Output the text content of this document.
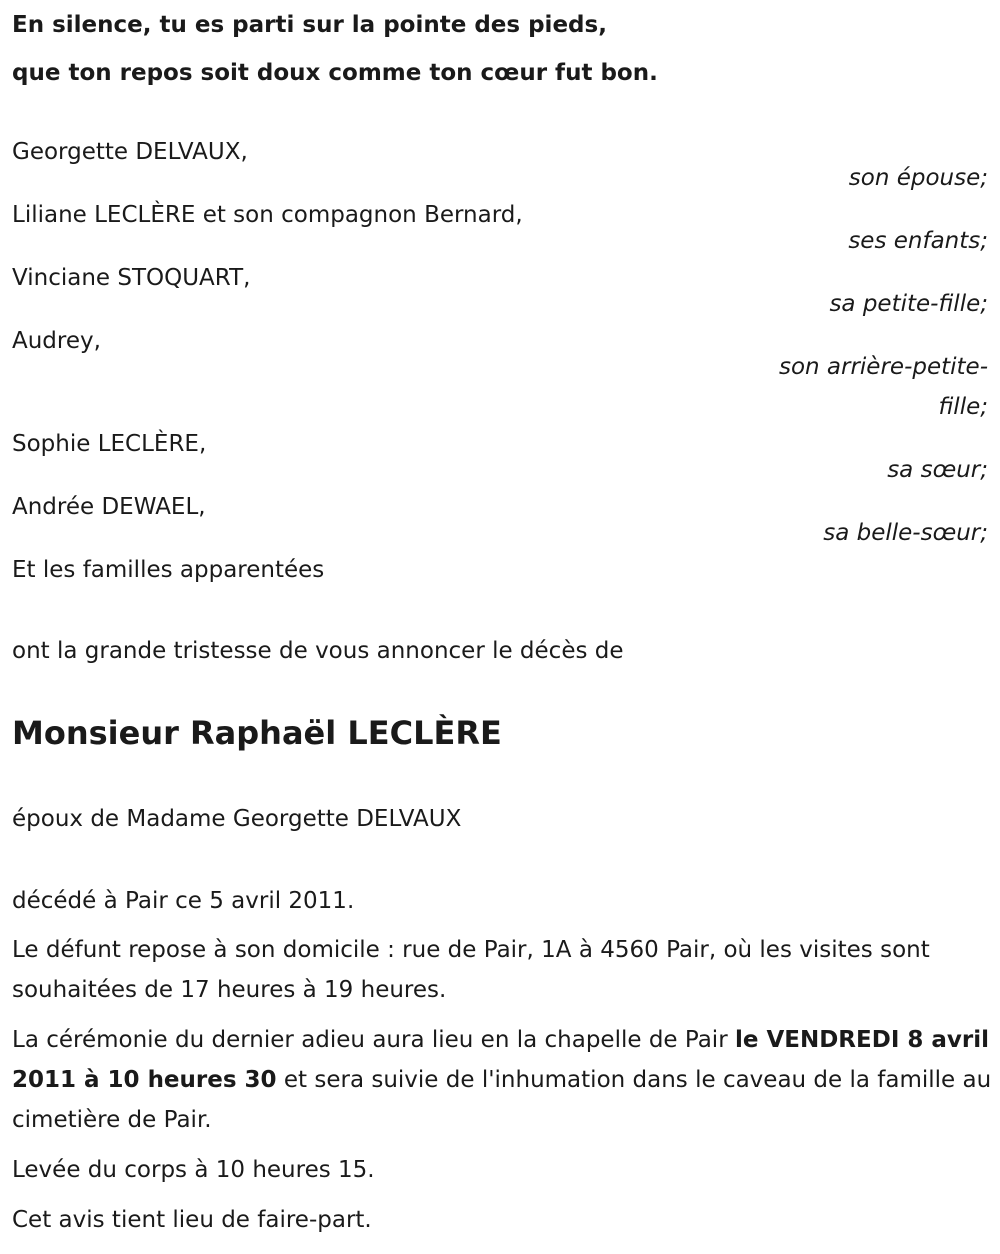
En silence, tu es parti sur la pointe des pieds,
que ton repos soit doux comme ton cœur fut bon.
Georgette DELVAUX,
son épouse;
Liliane LECLÈRE et son compagnon Bernard,
ses enfants;
Vinciane STOQUART,
sa petite-fille;
Audrey,
son arrière-petite-fille;
Sophie LECLÈRE,
sa sœur;
Andrée DEWAEL,
sa belle-sœur;
Et les familles apparentées
ont la grande tristesse de vous annoncer le décès de
Monsieur Raphaël LECLÈRE
époux de Madame Georgette DELVAUX
décédé à Pair ce 5 avril 2011.
Le défunt repose à son domicile : rue de Pair, 1A à 4560 Pair, où les visites sont souhaitées de 17 heures à 19 heures.
La cérémonie du dernier adieu aura lieu en la chapelle de Pair le VENDREDI 8 avril 2011 à 10 heures 30 et sera suivie de l'inhumation dans le caveau de la famille au cimetière de Pair.
Levée du corps à 10 heures 15.
Cet avis tient lieu de faire-part.
